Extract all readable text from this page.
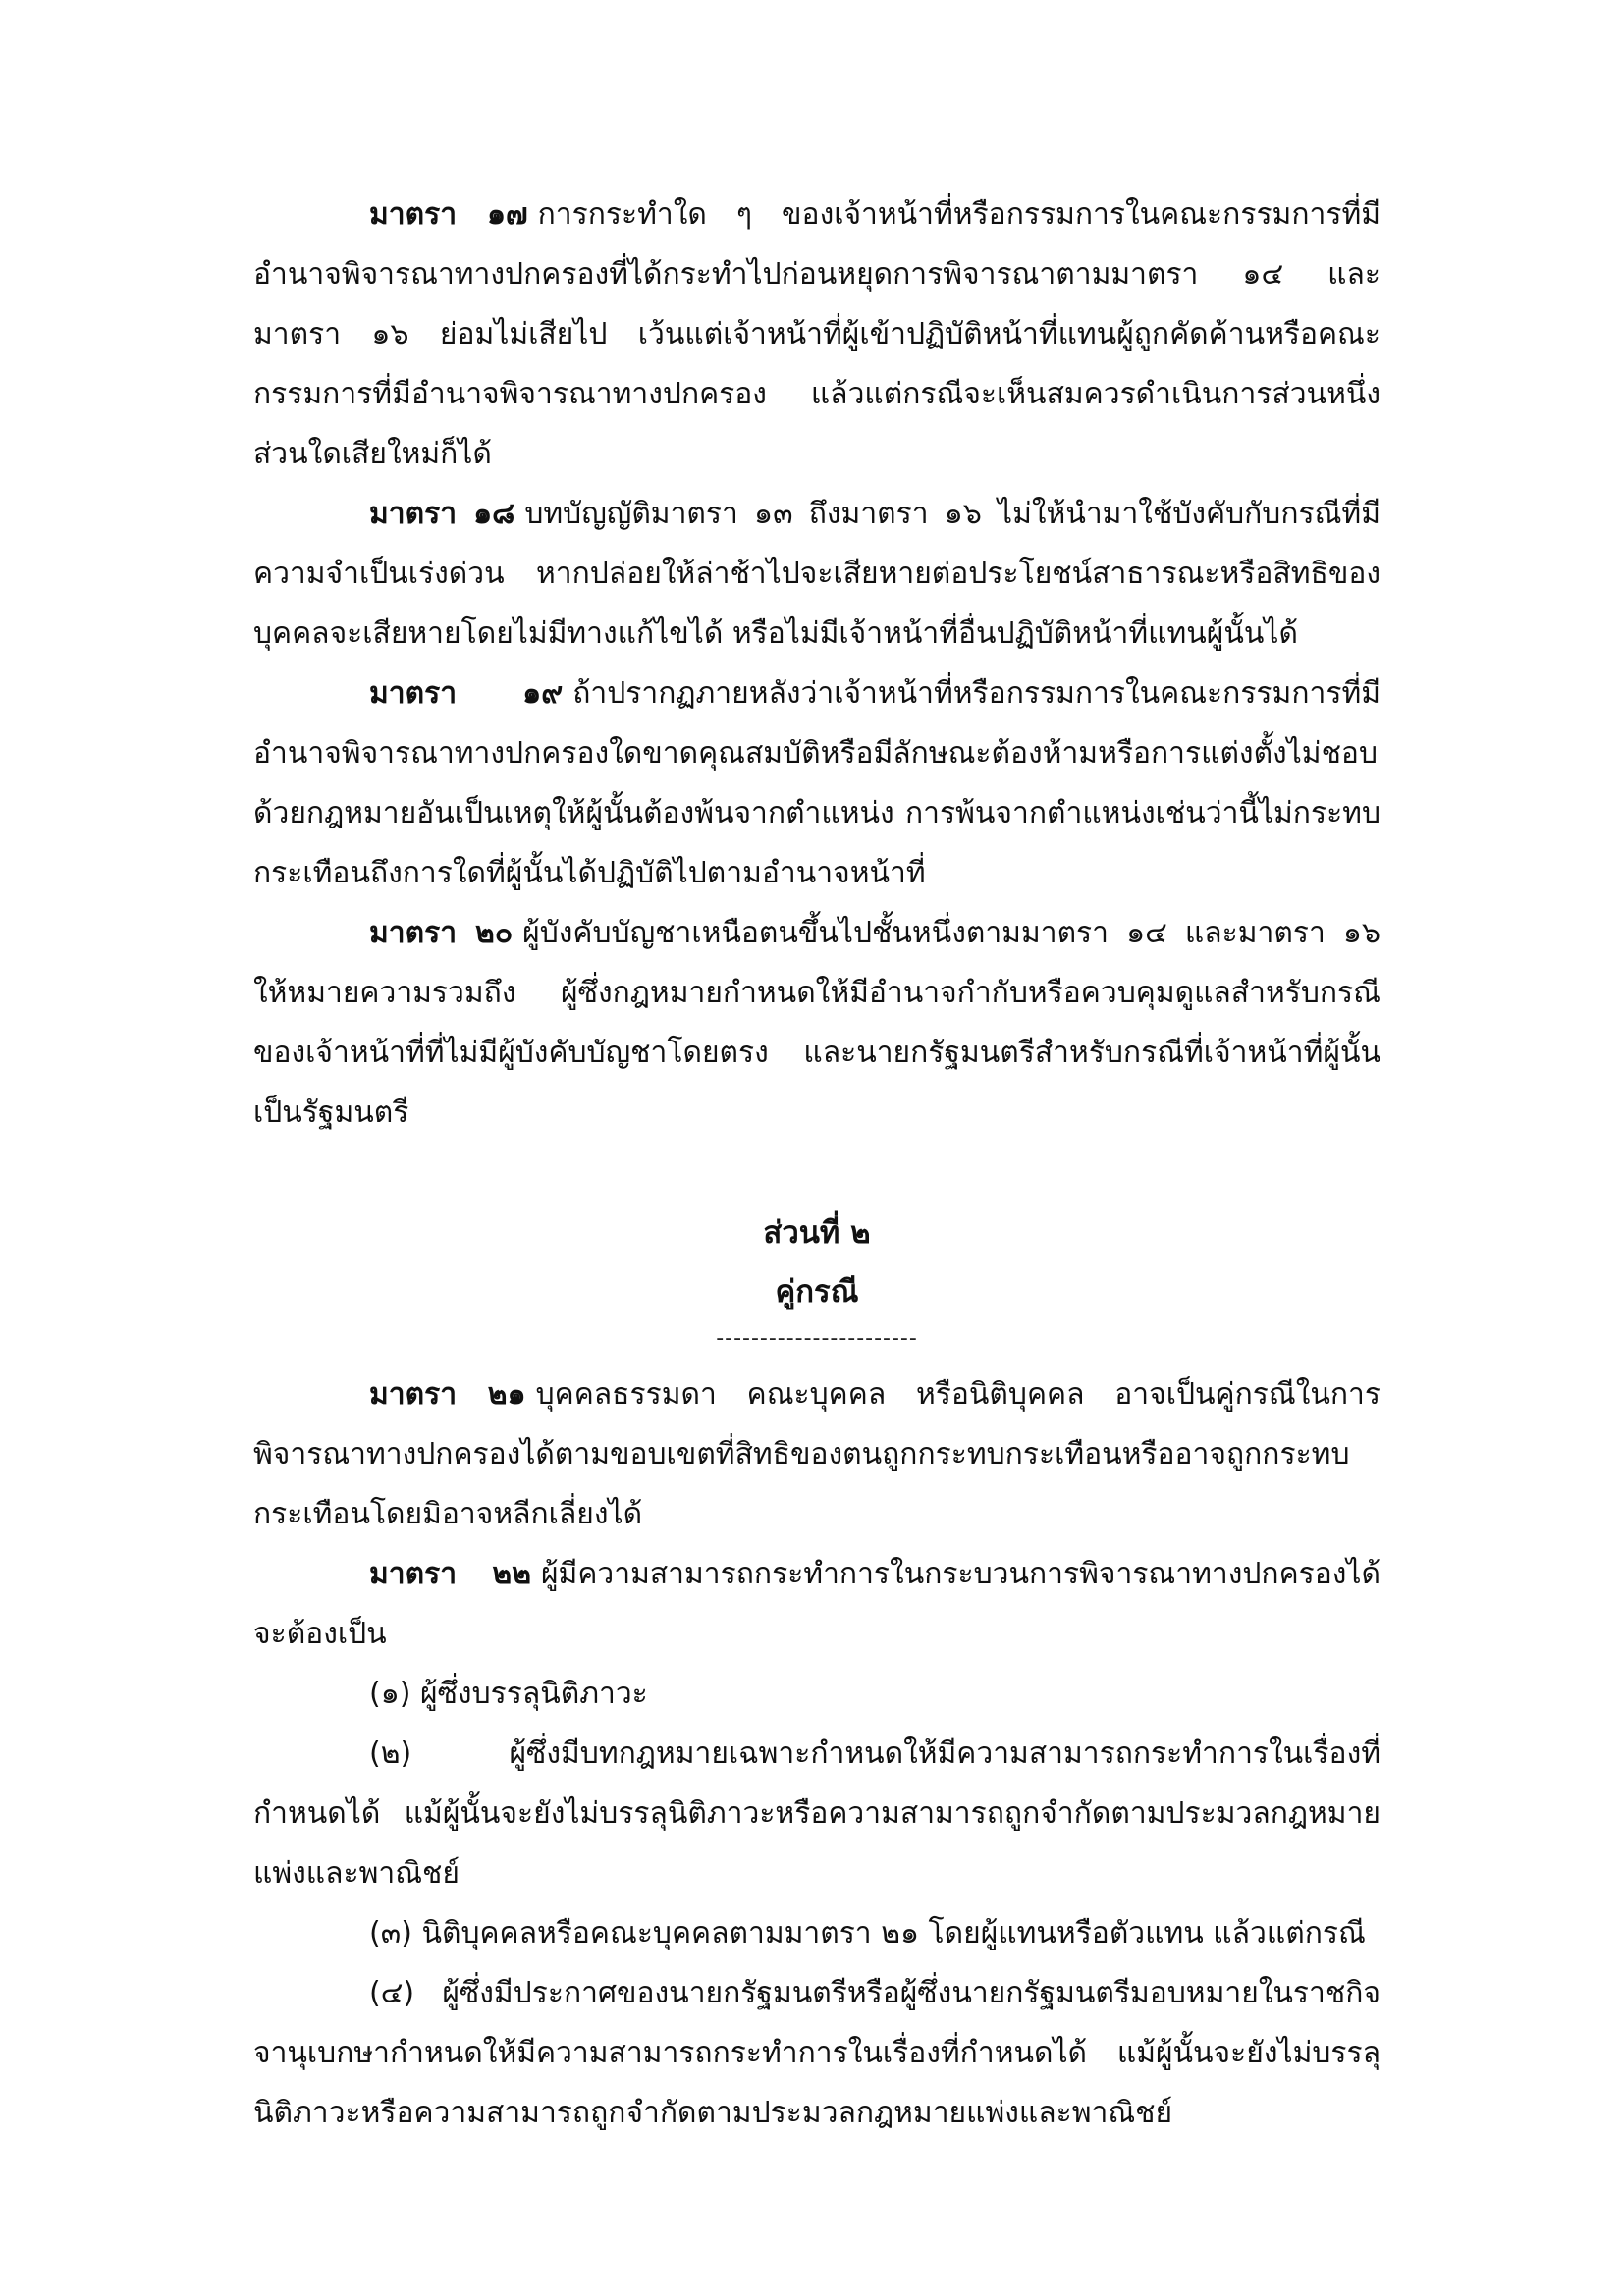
มาตรา ๑๗ การกระทำใด ๆ ของเจ้าหน้าที่หรือกรรมการในคณะกรรมการที่มีอำนาจพิจารณาทางปกครองที่ได้กระทำไปก่อนหยุดการพิจารณาตามมาตรา ๑๔ และมาตรา ๑๖ ย่อมไม่เสียไป เว้นแต่เจ้าหน้าที่ผู้เข้าปฏิบัติหน้าที่แทนผู้ถูกคัดค้านหรือคณะกรรมการที่มีอำนาจพิจารณาทางปกครอง แล้วแต่กรณีจะเห็นสมควรดำเนินการส่วนหนึ่งส่วนใดเสียใหม่ก็ได้

มาตรา ๑๘ บทบัญญัติมาตรา ๑๓ ถึงมาตรา ๑๖ ไม่ให้นำมาใช้บังคับกับกรณีที่มีความจำเป็นเร่งด่วน หากปล่อยให้ล่าช้าไปจะเสียหายต่อประโยชน์สาธารณะหรือสิทธิของบุคคลจะเสียหายโดยไม่มีทางแก้ไขได้ หรือไม่มีเจ้าหน้าที่อื่นปฏิบัติหน้าที่แทนผู้นั้นได้

มาตรา ๑๙ ถ้าปรากฏภายหลังว่าเจ้าหน้าที่หรือกรรมการในคณะกรรมการที่มีอำนาจพิจารณาทางปกครองใดขาดคุณสมบัติหรือมีลักษณะต้องห้ามหรือการแต่งตั้งไม่ชอบด้วยกฎหมายอันเป็นเหตุให้ผู้นั้นต้องพ้นจากตำแหน่ง การพ้นจากตำแหน่งเช่นว่านี้ไม่กระทบกระเทือนถึงการใดที่ผู้นั้นได้ปฏิบัติไปตามอำนาจหน้าที่

มาตรา ๒๐ ผู้บังคับบัญชาเหนือตนขึ้นไปชั้นหนึ่งตามมาตรา ๑๔ และมาตรา ๑๖ ให้หมายความรวมถึง ผู้ซึ่งกฎหมายกำหนดให้มีอำนาจกำกับหรือควบคุมดูแลสำหรับกรณีของเจ้าหน้าที่ที่ไม่มีผู้บังคับบัญชาโดยตรง และนายกรัฐมนตรีสำหรับกรณีที่เจ้าหน้าที่ผู้นั้นเป็นรัฐมนตรี

ส่วนที่ ๒

คู่กรณี

-----------------------

มาตรา ๒๑ บุคคลธรรมดา คณะบุคคล หรือนิติบุคคล อาจเป็นคู่กรณีในการพิจารณาทางปกครองได้ตามขอบเขตที่สิทธิของตนถูกกระทบกระเทือนหรืออาจถูกกระทบกระเทือนโดยมิอาจหลีกเลี่ยงได้

มาตรา ๒๒ ผู้มีความสามารถกระทำการในกระบวนการพิจารณาทางปกครองได้จะต้องเป็น

(๑) ผู้ซึ่งบรรลุนิติภาวะ

(๒) ผู้ซึ่งมีบทกฎหมายเฉพาะกำหนดให้มีความสามารถกระทำการในเรื่องที่กำหนดได้ แม้ผู้นั้นจะยังไม่บรรลุนิติภาวะหรือความสามารถถูกจำกัดตามประมวลกฎหมายแพ่งและพาณิชย์

(๓) นิติบุคคลหรือคณะบุคคลตามมาตรา ๒๑ โดยผู้แทนหรือตัวแทน แล้วแต่กรณี

(๔) ผู้ซึ่งมีประกาศของนายกรัฐมนตรีหรือผู้ซึ่งนายกรัฐมนตรีมอบหมายในราชกิจจานุเบกษากำหนดให้มีความสามารถกระทำการในเรื่องที่กำหนดได้ แม้ผู้นั้นจะยังไม่บรรลุนิติภาวะหรือความสามารถถูกจำกัดตามประมวลกฎหมายแพ่งและพาณิชย์
